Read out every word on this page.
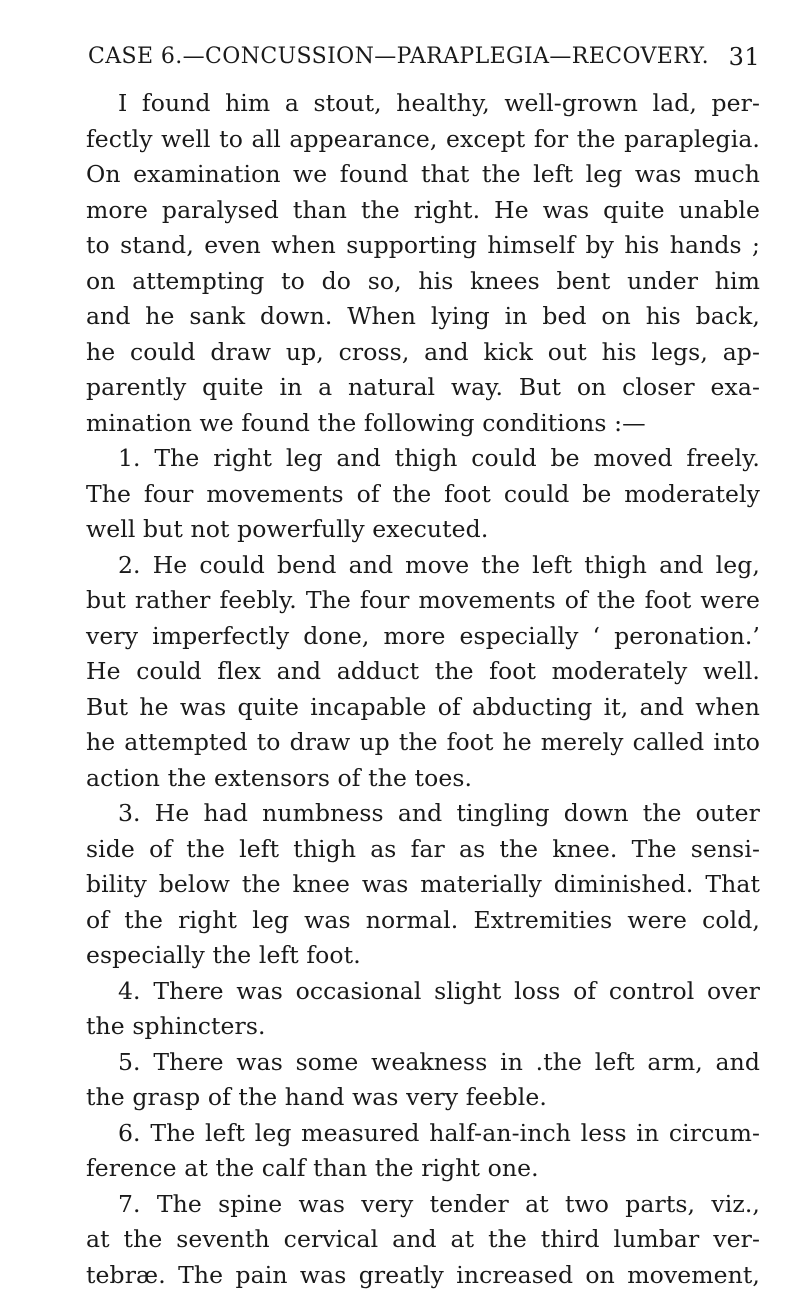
CASE 6.—CONCUSSION—PARAPLEGIA—RECOVERY. 31
I found him a stout, healthy, well-grown lad, per-
fectly well to all appearance, except for the paraplegia.
On examination we found that the left leg was much
more paralysed than the right. He was quite unable
to stand, even when supporting himself by his hands ;
on attempting to do so, his knees bent under him
and he sank down. When lying in bed on his back,
he could draw up, cross, and kick out his legs, ap-
parently quite in a natural way. But on closer exa-
mination we found the following conditions :—
1. The right leg and thigh could be moved freely.
The four movements of the foot could be moderately
well but not powerfully executed.
2. He could bend and move the left thigh and leg,
but rather feebly. The four movements of the foot were
very imperfectly done, more especially ‘ peronation.’
He could flex and adduct the foot moderately well.
But he was quite incapable of abducting it, and when
he attempted to draw up the foot he merely called into
action the extensors of the toes.
3. He had numbness and tingling down the outer
side of the left thigh as far as the knee. The sensi-
bility below the knee was materially diminished. That
of the right leg was normal. Extremities were cold,
especially the left foot.
4. There was occasional slight loss of control over
the sphincters.
5. There was some weakness in .the left arm, and
the grasp of the hand was very feeble.
6. The left leg measured half-an-inch less in circum-
ference at the calf than the right one.
7. The spine was very tender at two parts, viz.,
at the seventh cervical and at the third lumbar ver-
tebræ. The pain was greatly increased on movement,
